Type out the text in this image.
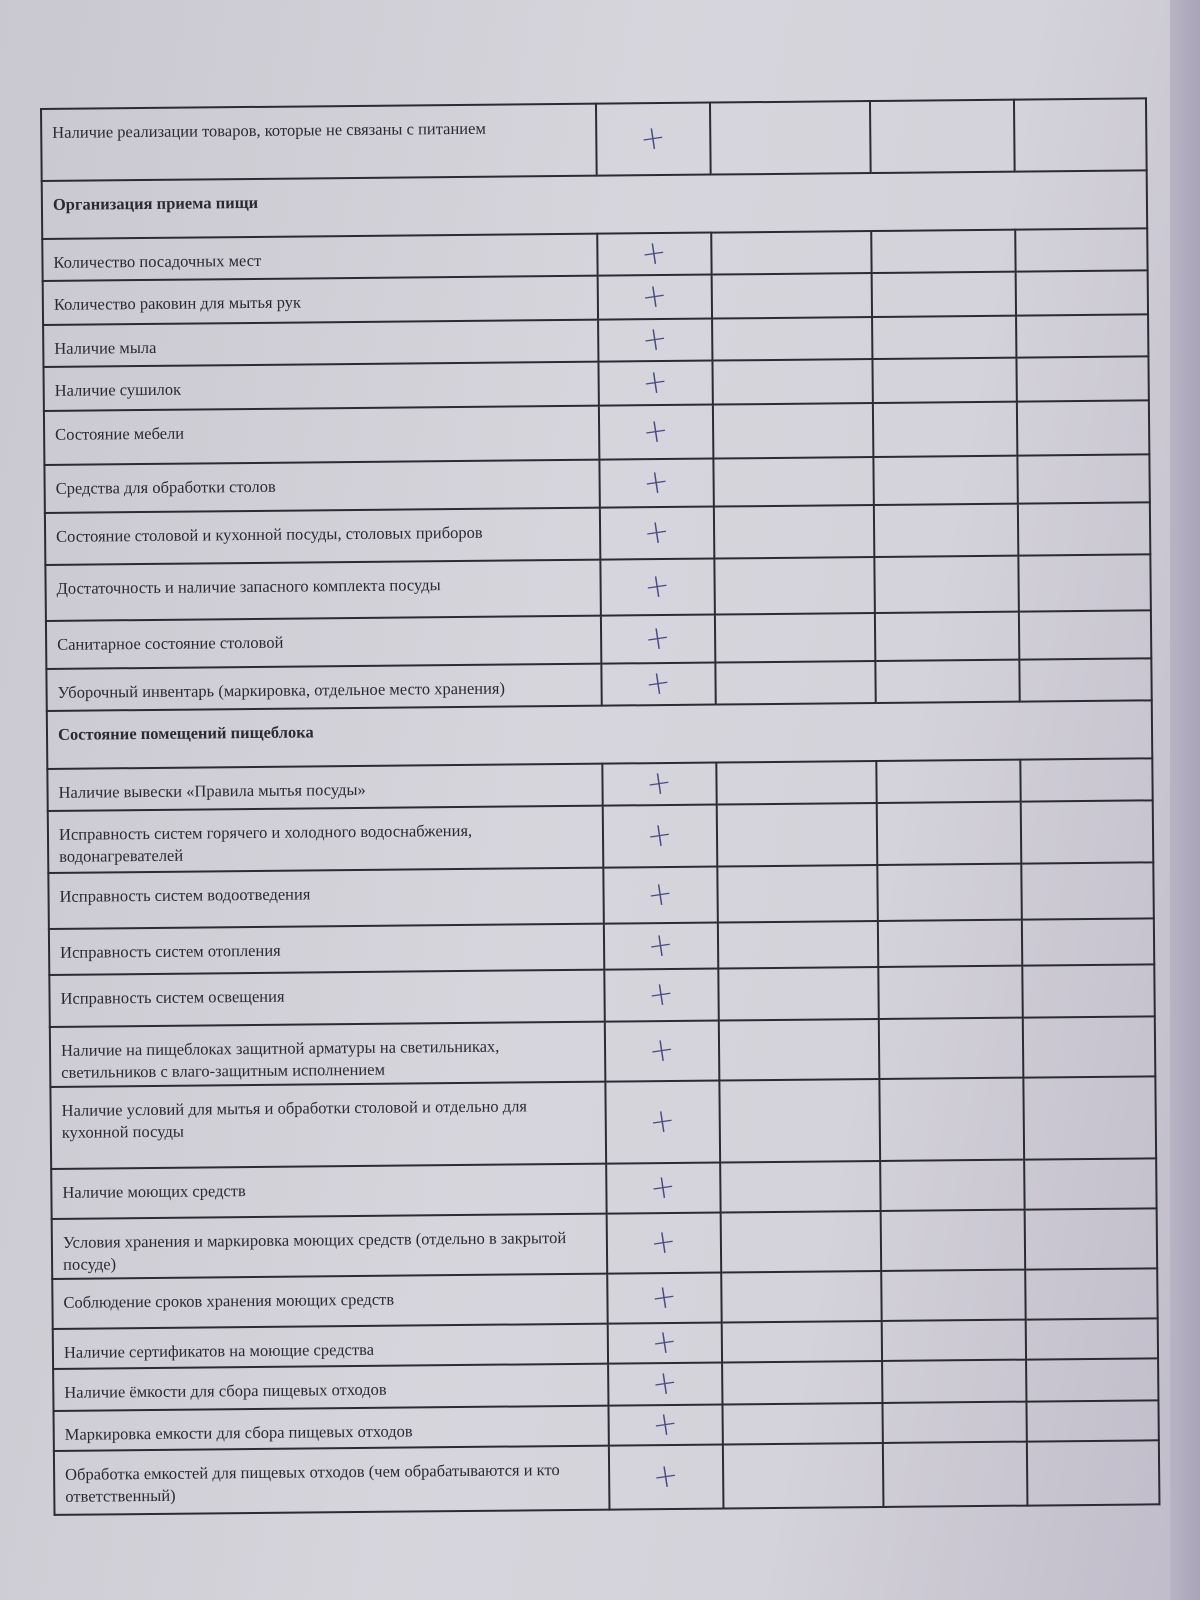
Наличие реализации товаров, которые не связаны с питанием	+			
Организация приема пищи				
Количество посадочных мест	+			
Количество раковин для мытья рук	+			
Наличие мыла	+			
Наличие сушилок	+			
Состояние мебели	+			
Средства для обработки столов	+			
Состояние столовой и кухонной посуды, столовых приборов	+			
Достаточность и наличие запасного комплекта посуды	+			
Санитарное состояние столовой	+			
Уборочный инвентарь (маркировка, отдельное место хранения)	+			
Состояние помещений пищеблока				
Наличие вывески «Правила мытья посуды»	+			
Исправность систем горячего и холодного водоснабжения, водонагревателей	+			
Исправность систем водоотведения	+			
Исправность систем отопления	+			
Исправность систем освещения	+			
Наличие на пищеблоках защитной арматуры на светильниках, светильников с влаго-защитным исполнением	+			
Наличие условий для мытья и обработки столовой и отдельно для кухонной посуды	+			
Наличие моющих средств	+			
Условия хранения и маркировка моющих средств (отдельно в закрытой посуде)	+			
Соблюдение сроков хранения моющих средств	+			
Наличие сертификатов на моющие средства	+			
Наличие ёмкости для сбора пищевых отходов	+			
Маркировка емкости для сбора пищевых отходов	+			
Обработка емкостей для пищевых отходов (чем обрабатываются и кто ответственный)	+			
